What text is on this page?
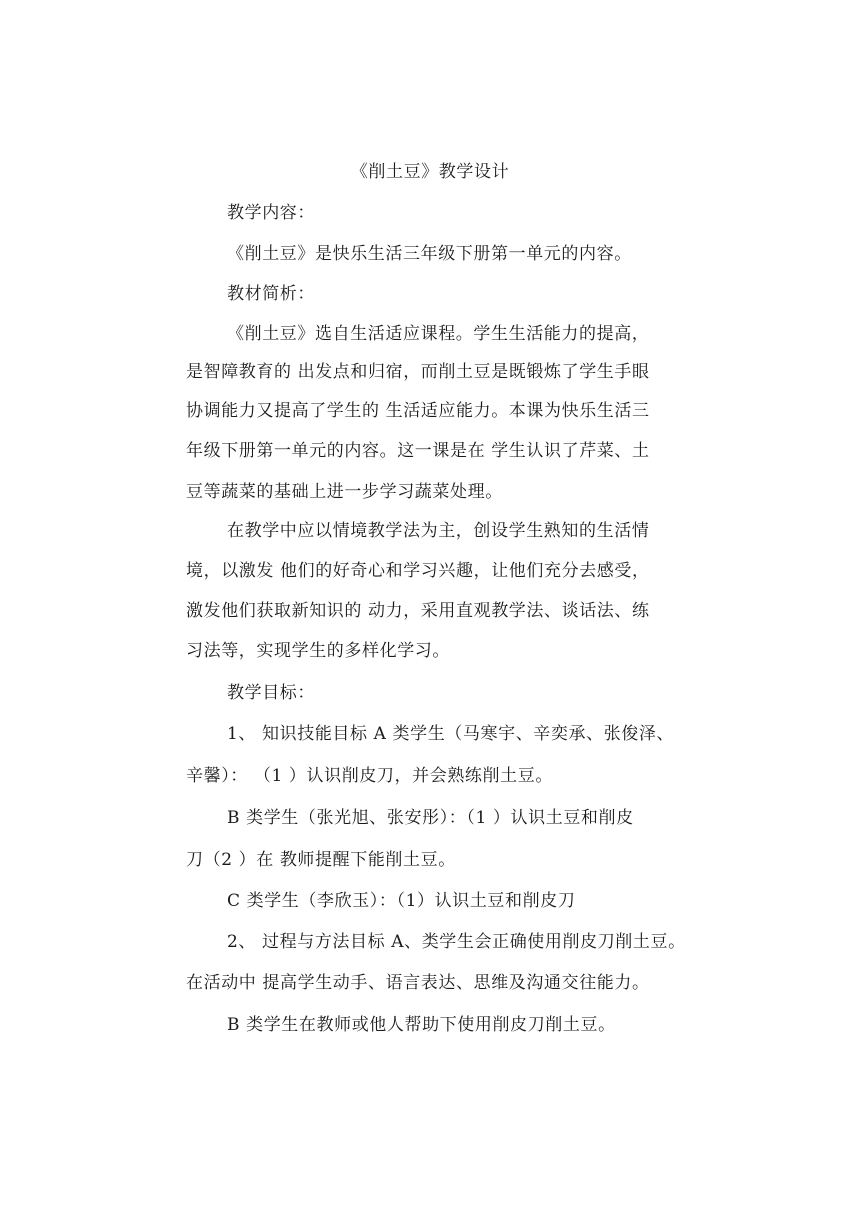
《削土豆》教学设计
教学内容：
《削土豆》是快乐生活三年级下册第一单元的内容。
教材简析：
《削土豆》选自生活适应课程。学生生活能力的提高，
是智障教育的 出发点和归宿，而削土豆是既锻炼了学生手眼
协调能力又提高了学生的 生活适应能力。本课为快乐生活三
年级下册第一单元的内容。这一课是在 学生认识了芹菜、土
豆等蔬菜的基础上进一步学习蔬菜处理。
在教学中应以情境教学法为主，创设学生熟知的生活情
境，以激发 他们的好奇心和学习兴趣，让他们充分去感受，
激发他们获取新知识的 动力，采用直观教学法、谈话法、练
习法等，实现学生的多样化学习。
教学目标：
1、 知识技能目标 A 类学生（马寒宇、辛奕承、张俊泽、
辛馨）： （1 ）认识削皮刀，并会熟练削土豆。
B 类学生（张光旭、张安彤）：（1 ）认识土豆和削皮
刀（2 ）在 教师提醒下能削土豆。
C 类学生（李欣玉）：（1）认识土豆和削皮刀
2、 过程与方法目标 A、类学生会正确使用削皮刀削土豆。
在活动中 提高学生动手、语言表达、思维及沟通交往能力。
B 类学生在教师或他人帮助下使用削皮刀削土豆。
